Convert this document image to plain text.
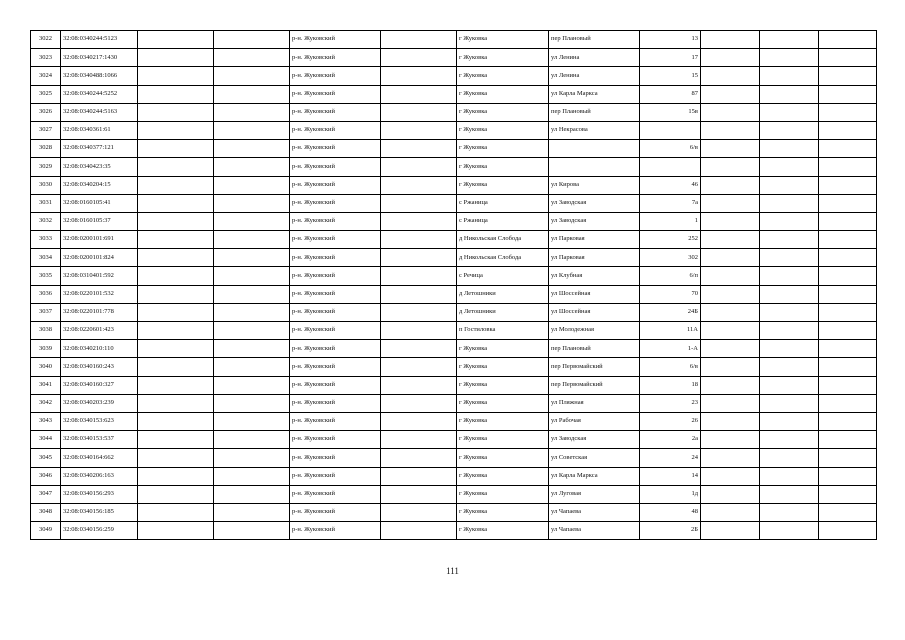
3022	32:08:0340244:5123			р-н. Жуковский		г Жуковка	пер Плановый	13			
3023	32:08:0340217:1430			р-н. Жуковский		г Жуковка	ул Ленина	17			
3024	32:08:0340488:1066			р-н. Жуковский		г Жуковка	ул Ленина	15			
3025	32:08:0340244:5252			р-н. Жуковский		г Жуковка	ул Карла Маркса	87			
3026	32:08:0340244:5163			р-н. Жуковский		г Жуковка	пер Плановый	15в			
3027	32:08:0340361:61			р-н. Жуковский		г Жуковка	ул Некрасова				
3028	32:08:0340377:121			р-н. Жуковский		г Жуковка		6/в			
3029	32:08:0340423:35			р-н. Жуковский		г Жуковка					
3030	32:08:0340204:15			р-н. Жуковский		г Жуковка	ул Кирова	46			
3031	32:08:0160105:41			р-н. Жуковский		с Ржаница	ул Заводская	7а			
3032	32:08:0160105:37			р-н. Жуковский		с Ржаница	ул Заводская	1			
3033	32:08:0200101:691			р-н. Жуковский		д Никольская Слобода	ул Парковая	252			
3034	32:08:0200101:824			р-н. Жуковский		д Никольская Слобода	ул Парковая	302			
3035	32:08:0310401:592			р-н. Жуковский		с Речица	ул Клубная	6/п			
3036	32:08:0220101:532			р-н. Жуковский		д Летошники	ул Шоссейная	70			
3037	32:08:0220101:778			р-н. Жуковский		д Летошники	ул Шоссейная	24Б			
3038	32:08:0220601:423			р-н. Жуковский		п Гостиловка	ул Молодежная	11А			
3039	32:08:0340210:110			р-н. Жуковский		г Жуковка	пер Плановый	1-А			
3040	32:08:0340160:243			р-н. Жуковский		г Жуковка	пер Первомайский	6/в			
3041	32:08:0340160:327			р-н. Жуковский		г Жуковка	пер Первомайский	18			
3042	32:08:0340203:239			р-н. Жуковский		г Жуковка	ул Пляжная	23			
3043	32:08:0340153:623			р-н. Жуковский		г Жуковка	ул Рабочая	26			
3044	32:08:0340153:537			р-н. Жуковский		г Жуковка	ул Заводская	2а			
3045	32:08:0340164:662			р-н. Жуковский		г Жуковка	ул Советская	24			
3046	32:08:0340206:163			р-н. Жуковский		г Жуковка	ул Карла Маркса	14			
3047	32:08:0340156:293			р-н. Жуковский		г Жуковка	ул Луговая	1д			
3048	32:08:0340156:185			р-н. Жуковский		г Жуковка	ул Чапаева	48			
3049	32:08:0340156:259			р-н. Жуковский		г Жуковка	ул Чапаева	2Б			
111
